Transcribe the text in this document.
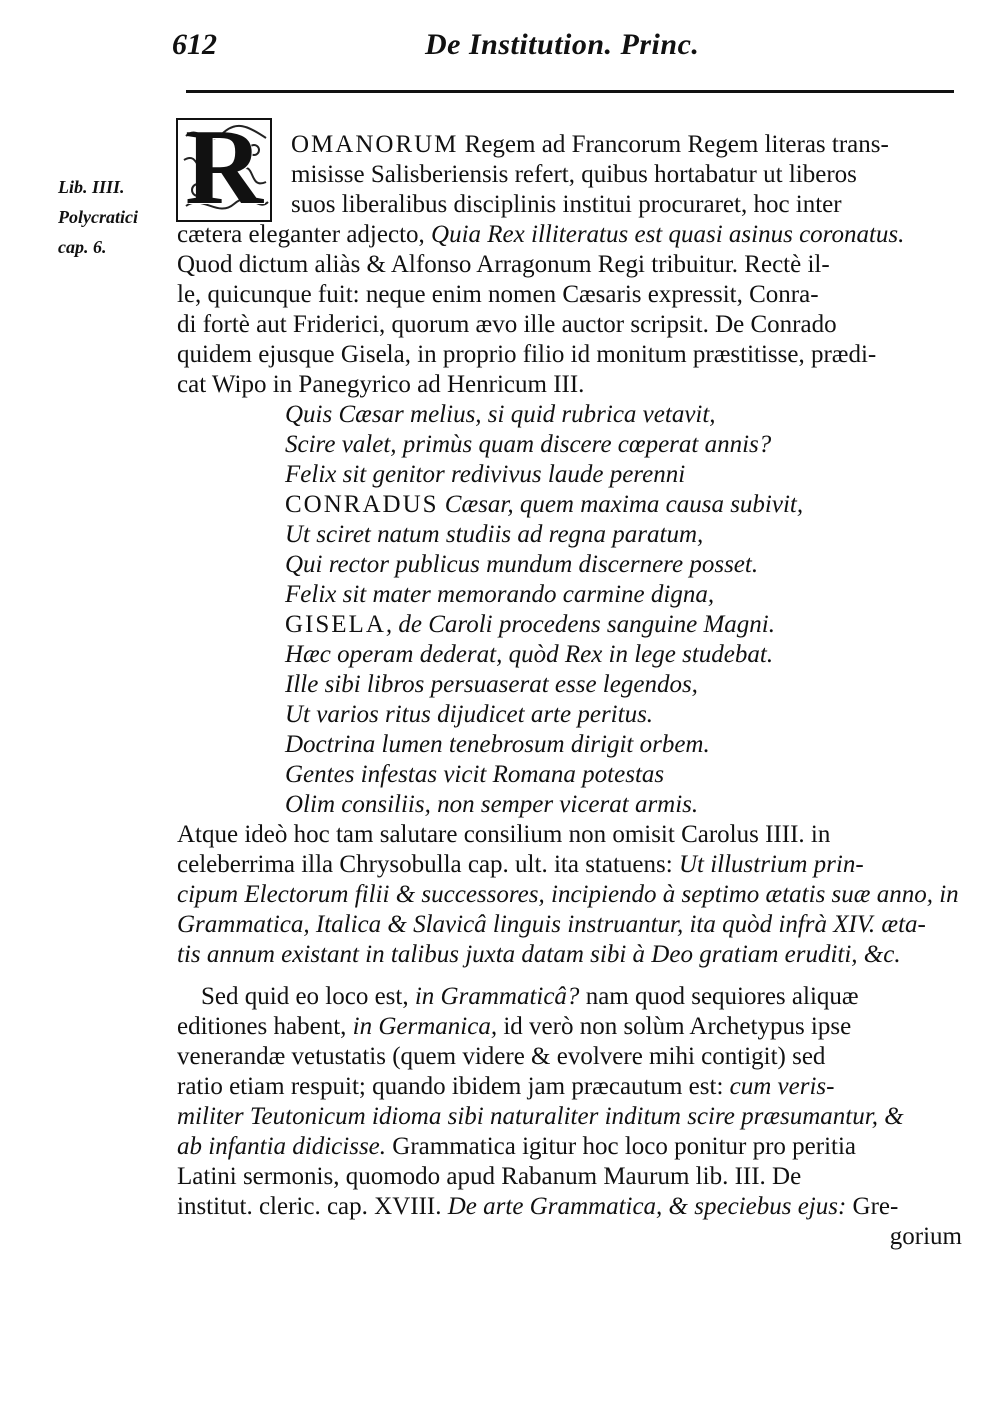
612	De Institution. Princ.
Lib. IIII.
Polycratici
cap. 6.
R	OMANORUM Regem ad Francorum Regem literas trans-
misisse Salisberiensis refert, quibus hortabatur ut liberos
suos liberalibus disciplinis institui procuraret, hoc inter
cætera eleganter adjecto, Quia Rex illiteratus est quasi asinus coronatus.
Quod dictum aliàs & Alfonso Arragonum Regi tribuitur. Rectè il-
le, quicunque fuit: neque enim nomen Cæsaris expressit, Conra-
di fortè aut Friderici, quorum ævo ille auctor scripsit. De Conrado
quidem ejusque Gisela, in proprio filio id monitum præstitisse, prædi-
cat Wipo in Panegyrico ad Henricum III.
Quis Cæsar melius, si quid rubrica vetavit,
Scire valet, primùs quam discere cœperat annis?
Felix sit genitor redivivus laude perenni
CONRADUS Cæsar, quem maxima causa subivit,
Ut sciret natum studiis ad regna paratum,
Qui rector publicus mundum discernere posset.
Felix sit mater memorando carmine digna,
GISELA, de Caroli procedens sanguine Magni.
Hæc operam dederat, quòd Rex in lege studebat.
Ille sibi libros persuaserat esse legendos,
Ut varios ritus dijudicet arte peritus.
Doctrina lumen tenebrosum dirigit orbem.
Gentes infestas vicit Romana potestas
Olim consiliis, non semper vicerat armis.
Atque ideò hoc tam salutare consilium non omisit Carolus IIII. in
celeberrima illa Chrysobulla cap. ult. ita statuens: Ut illustrium prin-
cipum Electorum filii & successores, incipiendo à septimo ætatis suæ anno, in
Grammatica, Italica & Slavicâ linguis instruantur, ita quòd infrà XIV. æta-
tis annum existant in talibus juxta datam sibi à Deo gratiam eruditi, &c.
Sed quid eo loco est, in Grammaticâ? nam quod sequiores aliquæ
editiones habent, in Germanica, id verò non solùm Archetypus ipse
venerandæ vetustatis (quem videre & evolvere mihi contigit) sed
ratio etiam respuit; quando ibidem jam præcautum est: cum veris-
militer Teutonicum idioma sibi naturaliter inditum scire præsumantur, &
ab infantia didicisse. Grammatica igitur hoc loco ponitur pro peritia
Latini sermonis, quomodo apud Rabanum Maurum lib. III. De
institut. cleric. cap. XVIII. De arte Grammatica, & speciebus ejus: Gre-
gorium
